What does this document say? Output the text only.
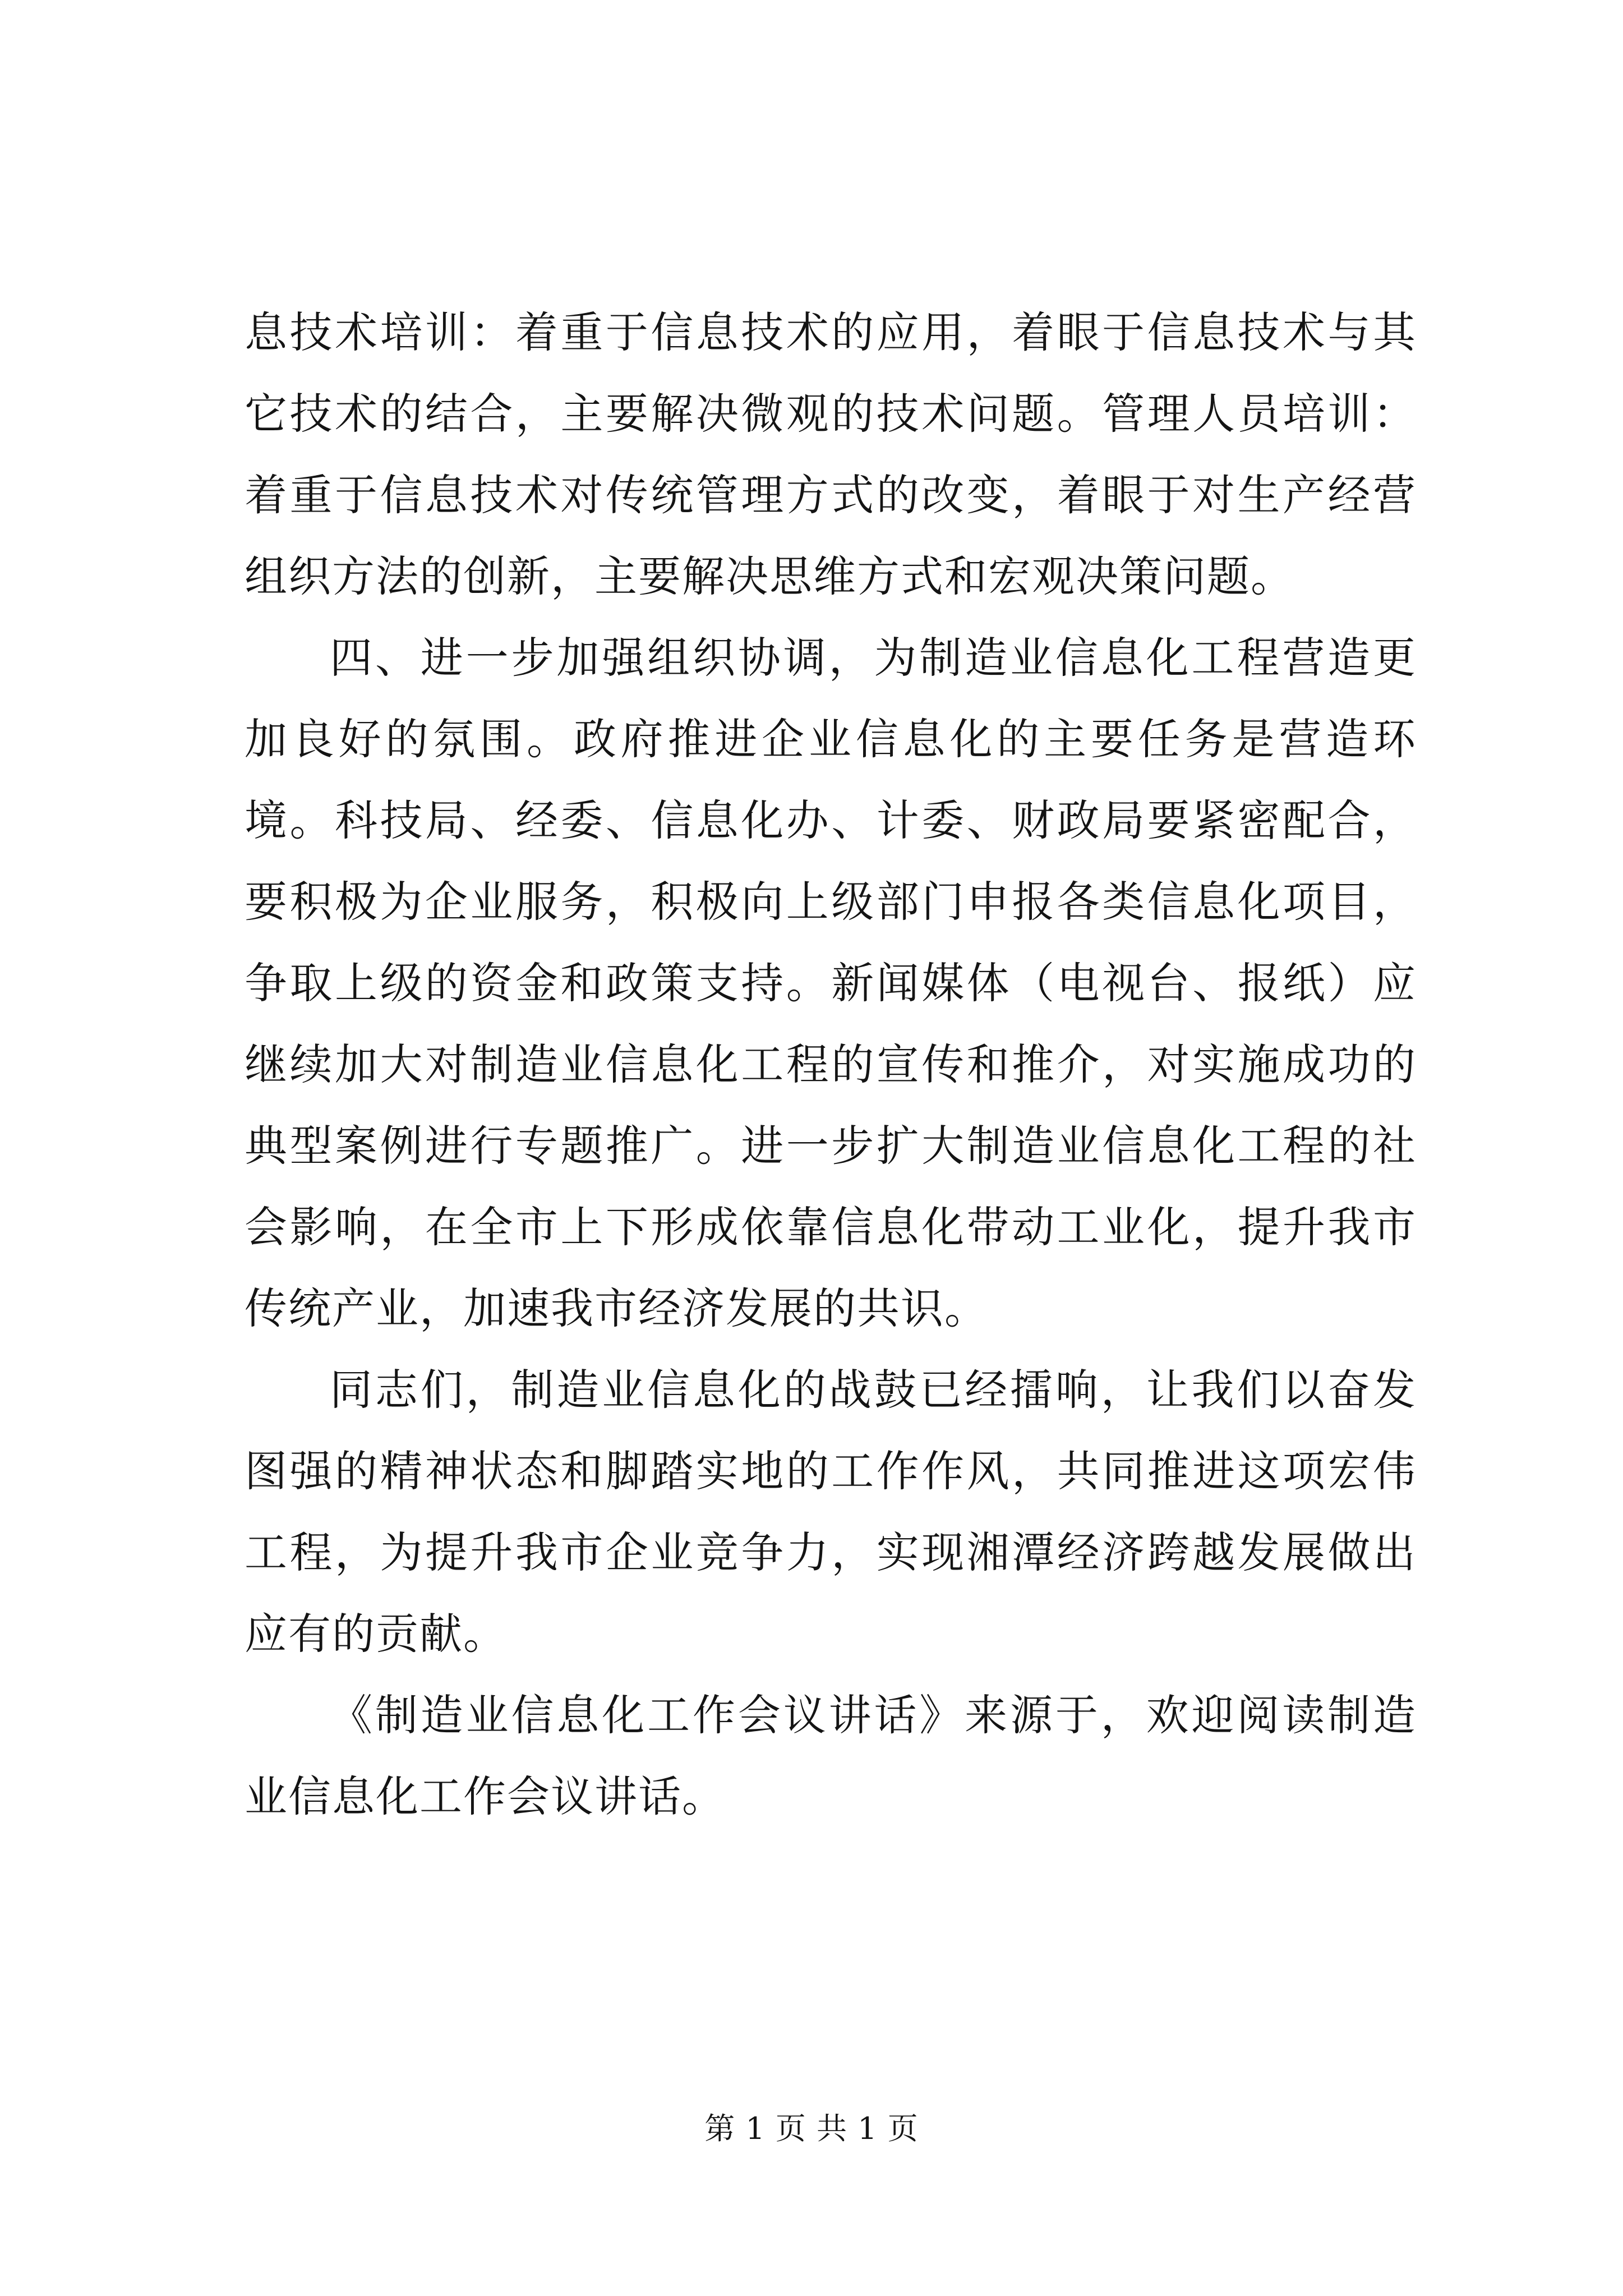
息技术培训：着重于信息技术的应用，着眼于信息技术与其它技术的结合，主要解决微观的技术问题。管理人员培训：着重于信息技术对传统管理方式的改变，着眼于对生产经营组织方法的创新，主要解决思维方式和宏观决策问题。

四、进一步加强组织协调，为制造业信息化工程营造更加良好的氛围。政府推进企业信息化的主要任务是营造环境。科技局、经委、信息化办、计委、财政局要紧密配合，要积极为企业服务，积极向上级部门申报各类信息化项目，争取上级的资金和政策支持。新闻媒体（电视台、报纸）应继续加大对制造业信息化工程的宣传和推介，对实施成功的典型案例进行专题推广。进一步扩大制造业信息化工程的社会影响，在全市上下形成依靠信息化带动工业化，提升我市传统产业，加速我市经济发展的共识。

同志们，制造业信息化的战鼓已经擂响，让我们以奋发图强的精神状态和脚踏实地的工作作风，共同推进这项宏伟工程，为提升我市企业竞争力，实现湘潭经济跨越发展做出应有的贡献。

《制造业信息化工作会议讲话》来源于，欢迎阅读制造业信息化工作会议讲话。

第 1 页 共 1 页
